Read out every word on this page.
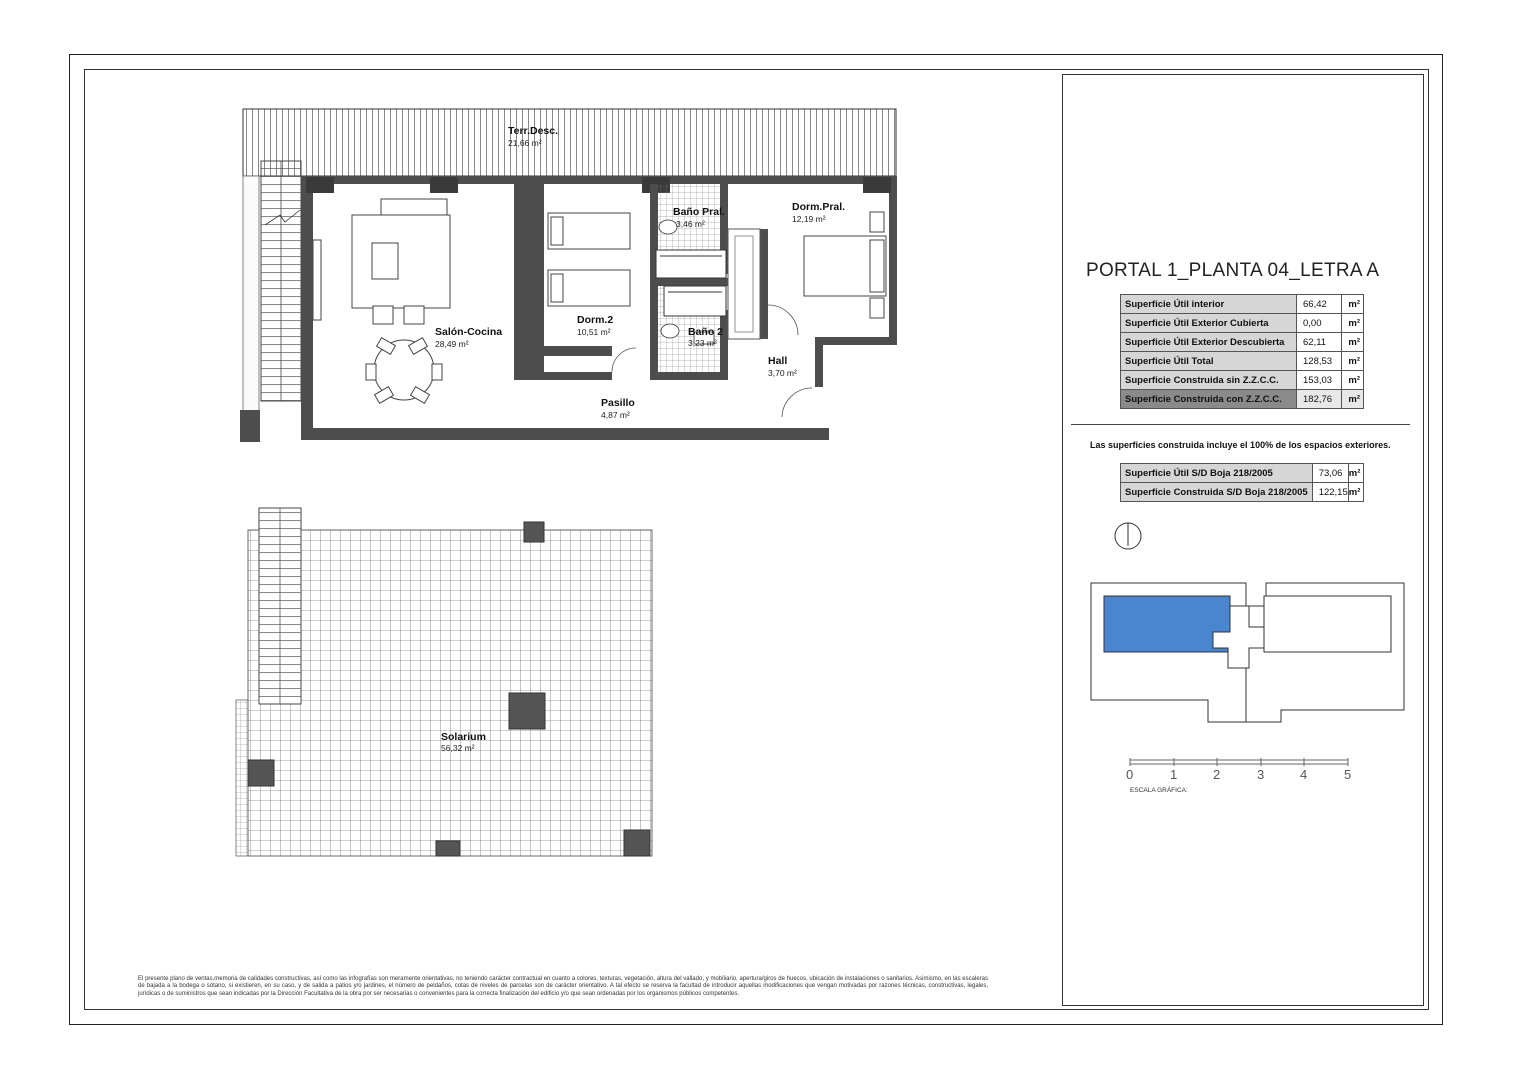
Terr.Desc.
21,66 m²
Salón-Cocina
28,49 m²
Dorm.2
10,51 m²
Baño Pral.
3,46 m²
Dorm.Pral.
12,19 m²
Baño 2
3,23 m²
Hall
3,70 m²
Pasillo
4,87 m²
Solarium
56,32 m²
PORTAL 1_PLANTA 04_LETRA A
Superficie Útil interior	66,42	m²
Superficie Útil Exterior Cubierta	0,00	m²
Superficie Útil Exterior Descubierta	62,11	m²
Superficie Útil Total	128,53	m²
Superficie Construida sin Z.Z.C.C.	153,03	m²
Superficie Construida con Z.Z.C.C.	182,76	m²
Las superficies construida incluye el 100% de los espacios exteriores.
Superficie Útil S/D Boja 218/2005	73,06	m²
Superficie Construida S/D Boja 218/2005	122,15	m²
0	1	2	3	4	5
ESCALA GRÁFICA:
El presente plano de ventas,memoria de calidades constructivas, así como las infografías son meramente orientativas, no teniendo carácter contractual en cuanto a colores, texturas, vegetación, altura del vallado, y mobiliario, apertura/giros de huecos, ubicación de instalaciones o sanitarios. Asimismo, en las escaleras de bajada a la bodega o sótano, si existieren, en su caso, y de salida a patios y/o jardines, el número de peldaños, cotas de niveles de parcelas son de carácter orientativo. A tal efecto se reserva la facultad de introducir aquellas modificaciones que vengan motivadas por razones técnicas, constructivas, legales, jurídicas o de suministros que sean indicadas por la Dirección Facultativa de la obra por ser necesarias o convenientes para la correcta finalización del edificio y/o que sean ordenadas por los organismos públicos competentes.
